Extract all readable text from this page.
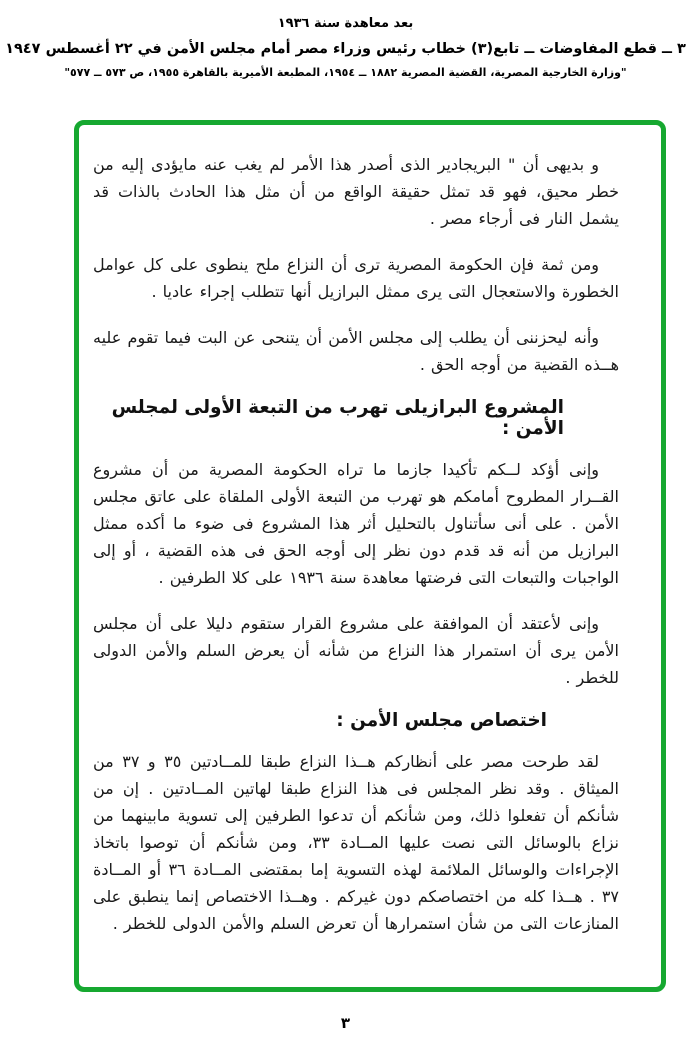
بعد معاهدة سنة ١٩٣٦
٣ ــ قطع المفاوضات ــ تابع(٣) خطاب رئيس وزراء مصر أمام مجلس الأمن في ٢٢ أغسطس ١٩٤٧
"وزارة الخارجية المصرية، القضية المصرية ١٨٨٢ ــ ١٩٥٤، المطبعة الأميرية بالقاهرة ١٩٥٥، ص ٥٧٣ ــ ٥٧٧"

و بديهى أن " البريجادير الذى أصدر هذا الأمر لم يغب عنه مايؤدى إليه من خطر محيق، فهو قد تمثل حقيقة الواقع من أن مثل هذا الحادث بالذات قد يشمل النار فى أرجاء مصر .

ومن ثمة فإن الحكومة المصرية ترى أن النزاع ملح ينطوى على كل عوامل الخطورة والاستعجال التى يرى ممثل البرازيل أنها تتطلب إجراء عاديا .

وأنه ليحزننى أن يطلب إلى مجلس الأمن أن يتنحى عن البت فيما تقوم عليه هــذه القضية من أوجه الحق .

المشروع البرازيلى تهرب من التبعة الأولى لمجلس الأمن :

وإنى أؤكد لــكم تأكيدا جازما ما تراه الحكومة المصرية من أن مشروع القــرار المطروح أمامكم هو تهرب من التبعة الأولى الملقاة على عاتق مجلس الأمن . على أنى سأتناول بالتحليل أثر هذا المشروع فى ضوء ما أكده ممثل البرازيل من أنه قد قدم دون نظر إلى أوجه الحق فى هذه القضية ، أو إلى الواجبات والتبعات التى فرضتها معاهدة سنة ١٩٣٦ على كلا الطرفين .

وإنى لأعتقد أن الموافقة على مشروع القرار ستقوم دليلا على أن مجلس الأمن يرى أن استمرار هذا النزاع من شأنه أن يعرض السلم والأمن الدولى للخطر .

اختصاص مجلس الأمن :

لقد طرحت مصر على أنظاركم هــذا النزاع طبقا للمــادتين ٣٥ و ٣٧ من الميثاق . وقد نظر المجلس فى هذا النزاع طبقا لهاتين المــادتين . إن من شأنكم أن تفعلوا ذلك، ومن شأنكم أن تدعوا الطرفين إلى تسوية مابينهما من نزاع بالوسائل التى نصت عليها المــادة ٣٣، ومن شأنكم أن توصوا باتخاذ الإجراءات والوسائل الملائمة لهذه التسوية إما بمقتضى المــادة ٣٦ أو المــادة ٣٧ . هــذا كله من اختصاصكم دون غيركم . وهــذا الاختصاص إنما ينطبق على المنازعات التى من شأن استمرارها أن تعرض السلم والأمن الدولى للخطر .

٣
